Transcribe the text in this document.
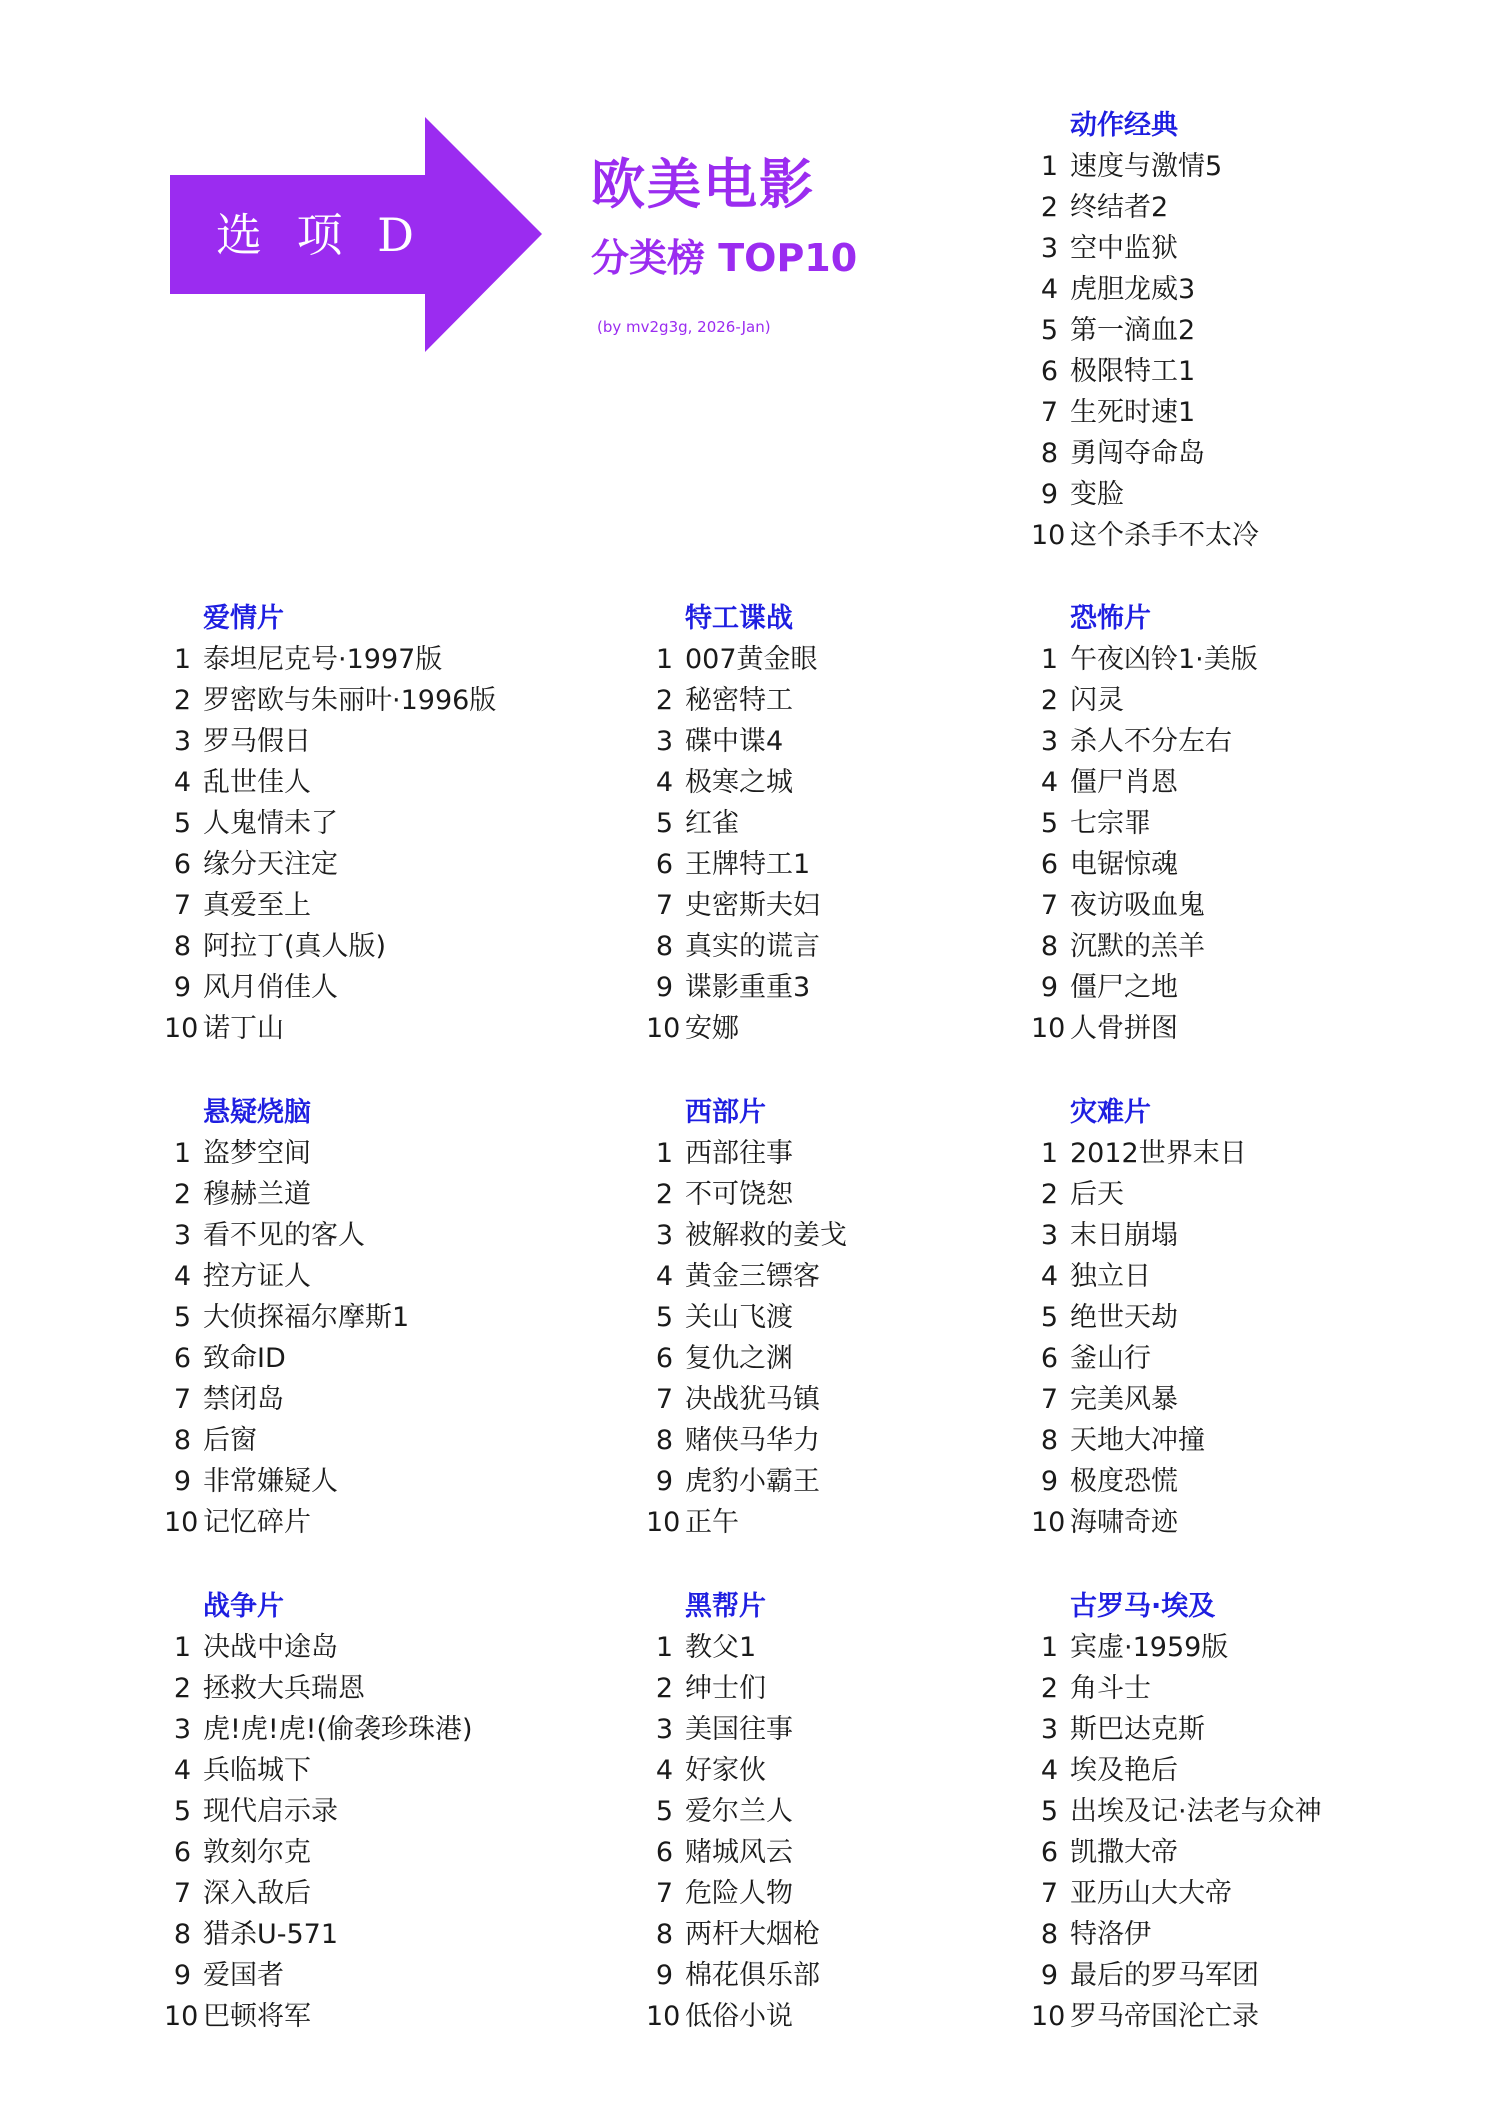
选 项 D
欧美电影
分类榜 TOP10
(by mv2g3g, 2026-Jan)
动作经典
1 速度与激情5
2 终结者2
3 空中监狱
4 虎胆龙威3
5 第一滴血2
6 极限特工1
7 生死时速1
8 勇闯夺命岛
9 变脸
10 这个杀手不太冷
爱情片
1 泰坦尼克号·1997版
2 罗密欧与朱丽叶·1996版
3 罗马假日
4 乱世佳人
5 人鬼情未了
6 缘分天注定
7 真爱至上
8 阿拉丁(真人版)
9 风月俏佳人
10 诺丁山
特工谍战
1 007黄金眼
2 秘密特工
3 碟中谍4
4 极寒之城
5 红雀
6 王牌特工1
7 史密斯夫妇
8 真实的谎言
9 谍影重重3
10 安娜
恐怖片
1 午夜凶铃1·美版
2 闪灵
3 杀人不分左右
4 僵尸肖恩
5 七宗罪
6 电锯惊魂
7 夜访吸血鬼
8 沉默的羔羊
9 僵尸之地
10 人骨拼图
悬疑烧脑
1 盗梦空间
2 穆赫兰道
3 看不见的客人
4 控方证人
5 大侦探福尔摩斯1
6 致命ID
7 禁闭岛
8 后窗
9 非常嫌疑人
10 记忆碎片
西部片
1 西部往事
2 不可饶恕
3 被解救的姜戈
4 黄金三镖客
5 关山飞渡
6 复仇之渊
7 决战犹马镇
8 赌侠马华力
9 虎豹小霸王
10 正午
灾难片
1 2012世界末日
2 后天
3 末日崩塌
4 独立日
5 绝世天劫
6 釜山行
7 完美风暴
8 天地大冲撞
9 极度恐慌
10 海啸奇迹
战争片
1 决战中途岛
2 拯救大兵瑞恩
3 虎!虎!虎!(偷袭珍珠港)
4 兵临城下
5 现代启示录
6 敦刻尔克
7 深入敌后
8 猎杀U-571
9 爱国者
10 巴顿将军
黑帮片
1 教父1
2 绅士们
3 美国往事
4 好家伙
5 爱尔兰人
6 赌城风云
7 危险人物
8 两杆大烟枪
9 棉花俱乐部
10 低俗小说
古罗马·埃及
1 宾虚·1959版
2 角斗士
3 斯巴达克斯
4 埃及艳后
5 出埃及记·法老与众神
6 凯撒大帝
7 亚历山大大帝
8 特洛伊
9 最后的罗马军团
10 罗马帝国沦亡录
